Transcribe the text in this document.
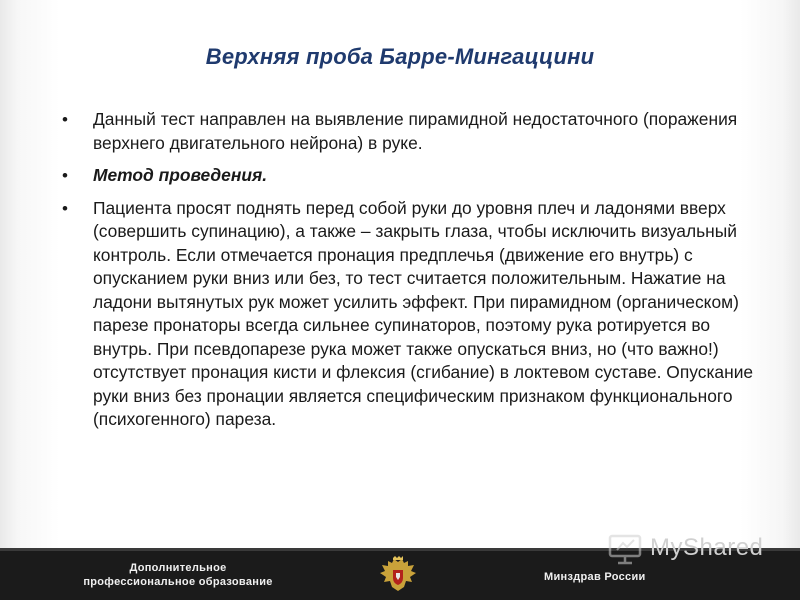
Верхняя проба Барре-Мингаццини
• Данный тест направлен на выявление пирамидной недостаточного (поражения верхнего двигательного нейрона) в руке.
• Метод проведения.
• Пациента просят поднять перед собой руки до уровня плеч и ладонями вверх (совершить супинацию), а также – закрыть глаза, чтобы исключить визуальный контроль. Если отмечается пронация предплечья (движение его внутрь) с опусканием руки вниз или без, то тест считается положительным. Нажатие на ладони вытянутых рук может усилить эффект. При пирамидном (органическом) парезе пронаторы всегда сильнее супинаторов, поэтому рука ротируется во внутрь. При псевдопарезе рука может также опускаться вниз, но (что важно!) отсутствует пронация кисти и флексия (сгибание) в локтевом суставе. Опускание руки вниз без пронации является специфическим признаком функционального (психогенного) пареза.
Дополнительное
профессиональное образование	Минздрав России
MyShared
